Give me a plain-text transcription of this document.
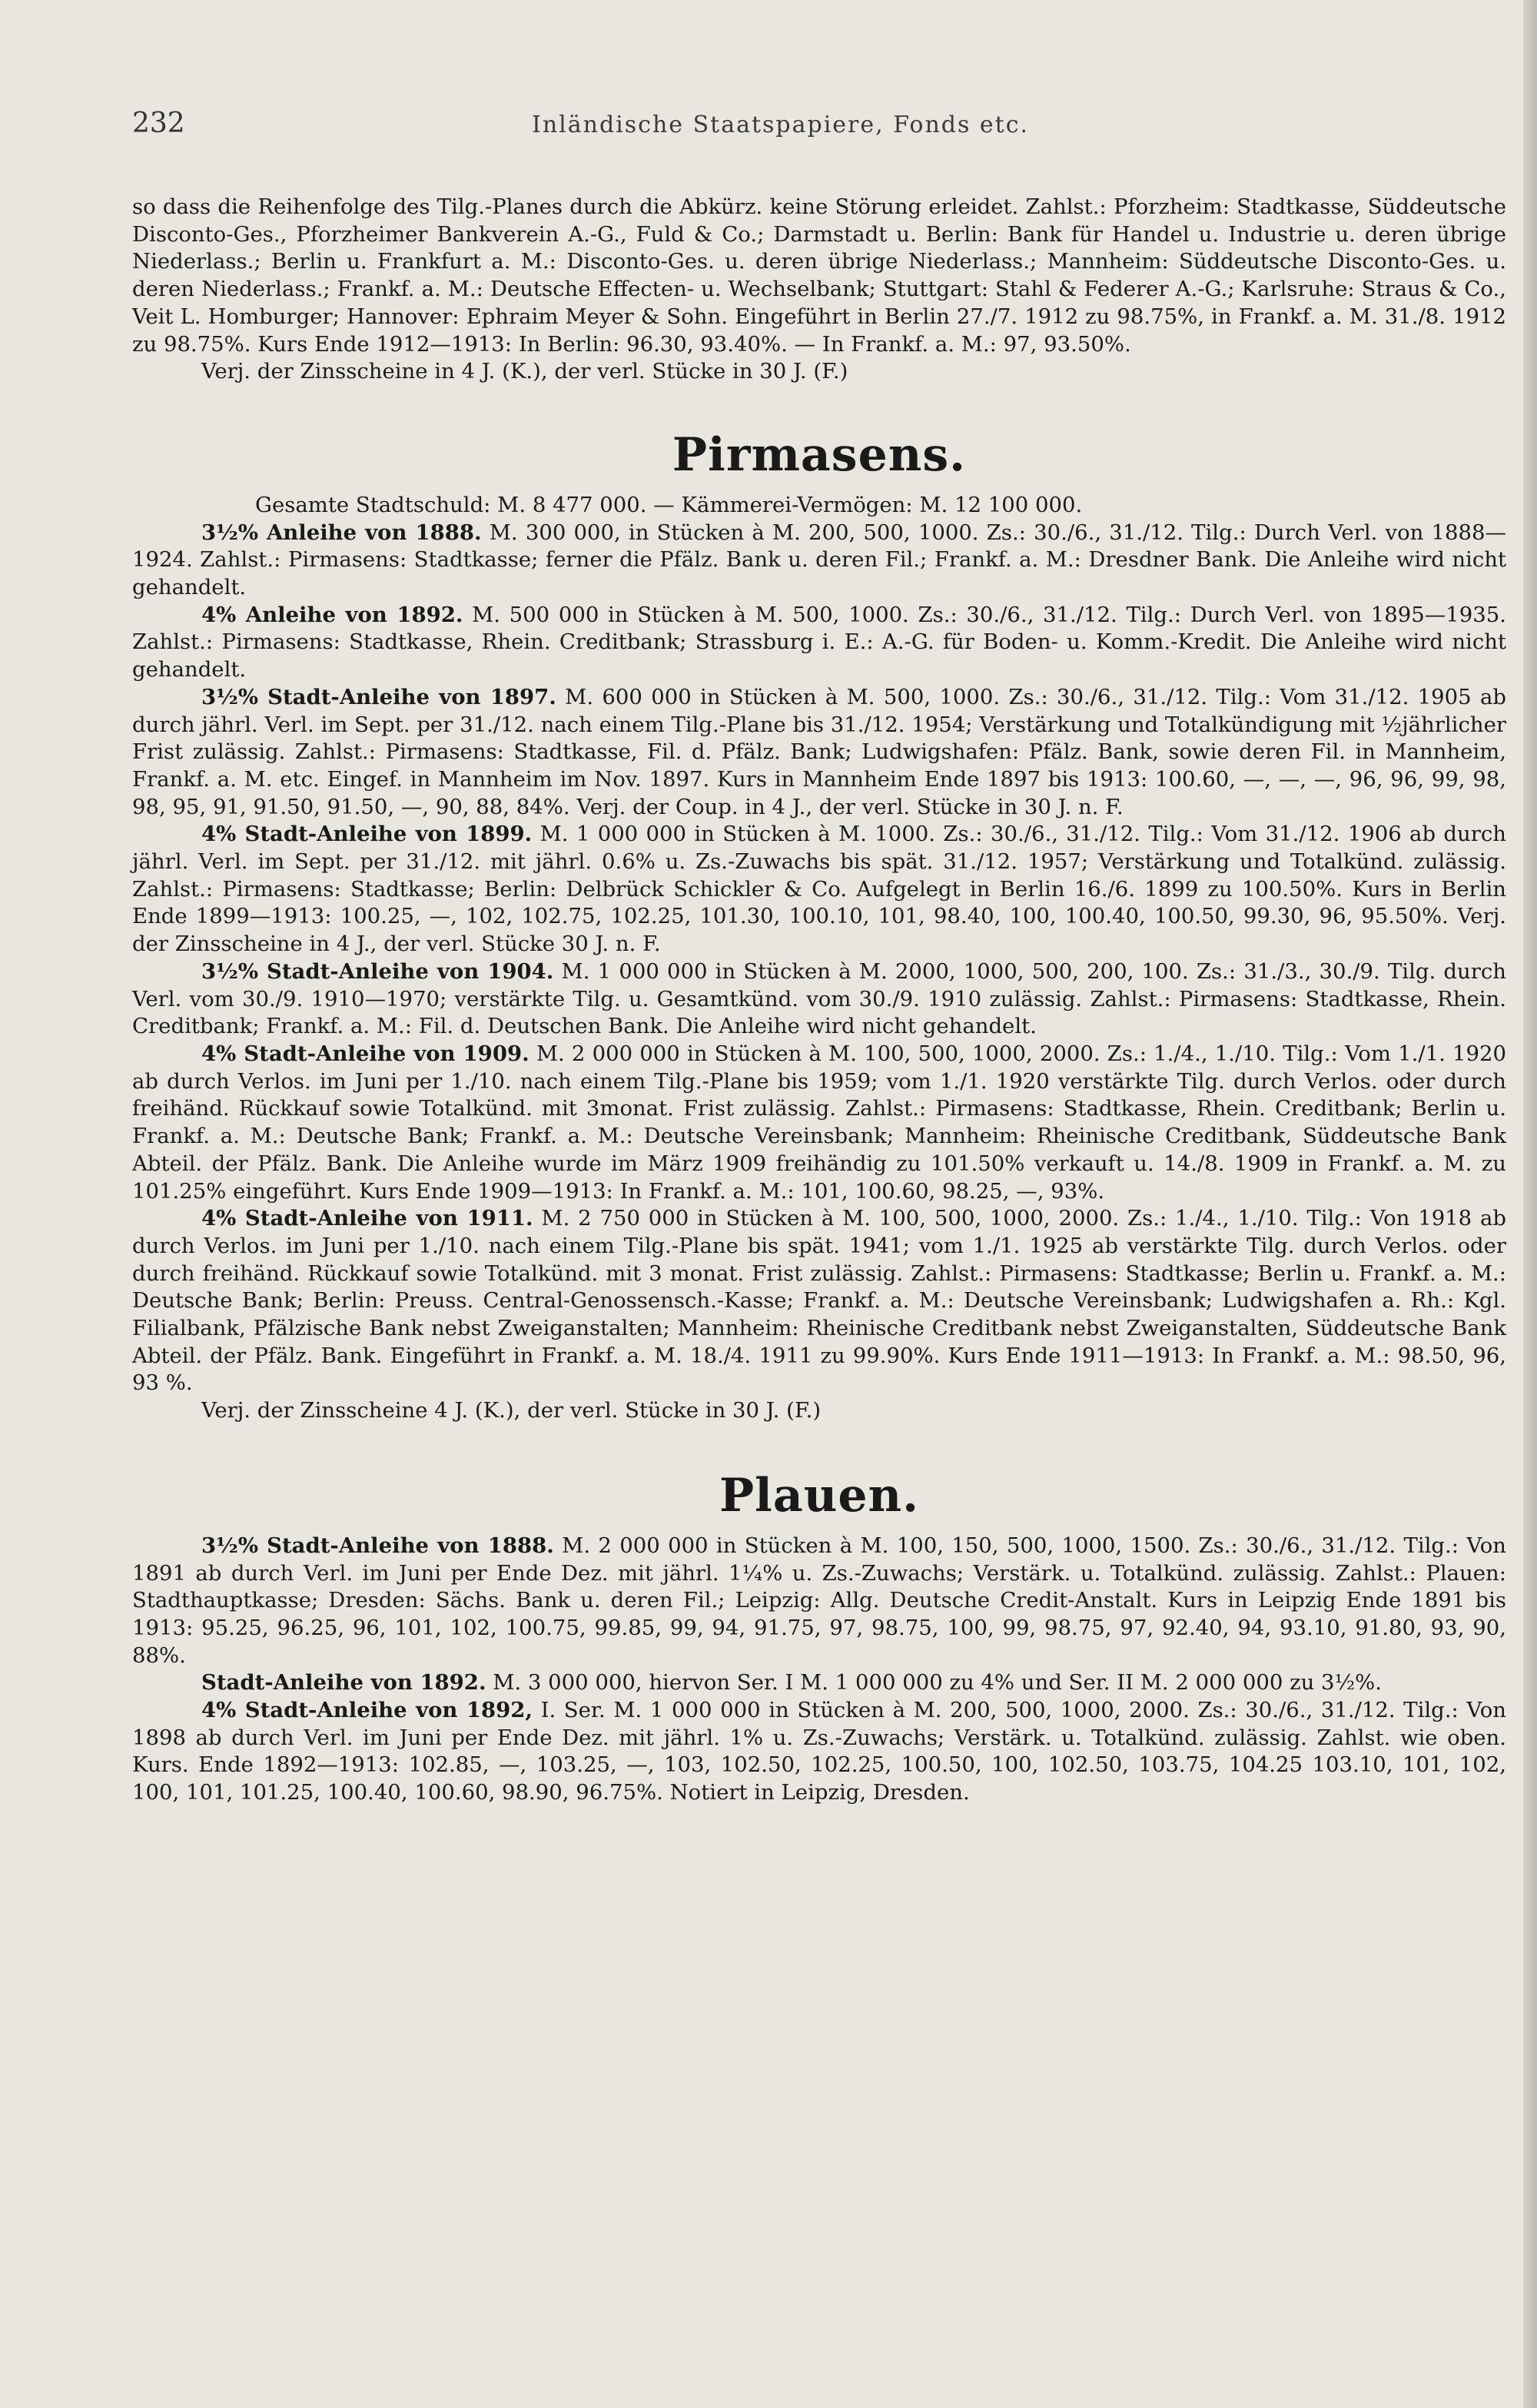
232	Inländische Staatspapiere, Fonds etc.

so dass die Reihenfolge des Tilg.-Planes durch die Abkürz. keine Störung erleidet. Zahlst.: Pforzheim: Stadtkasse, Süddeutsche Disconto-Ges., Pforzheimer Bankverein A.-G., Fuld & Co.; Darmstadt u. Berlin: Bank für Handel u. Industrie u. deren übrige Niederlass.; Berlin u. Frankfurt a. M.: Disconto-Ges. u. deren übrige Niederlass.; Mannheim: Süddeutsche Disconto-Ges. u. deren Niederlass.; Frankf. a. M.: Deutsche Effecten- u. Wechselbank; Stuttgart: Stahl & Federer A.-G.; Karlsruhe: Straus & Co., Veit L. Homburger; Hannover: Ephraim Meyer & Sohn. Eingeführt in Berlin 27./7. 1912 zu 98.75%, in Frankf. a. M. 31./8. 1912 zu 98.75%. Kurs Ende 1912—1913: In Berlin: 96.30, 93.40%. — In Frankf. a. M.: 97, 93.50%.

Verj. der Zinsscheine in 4 J. (K.), der verl. Stücke in 30 J. (F.)

Pirmasens.

Gesamte Stadtschuld: M. 8 477 000. — Kämmerei-Vermögen: M. 12 100 000.

3½% Anleihe von 1888. M. 300 000, in Stücken à M. 200, 500, 1000. Zs.: 30./6., 31./12. Tilg.: Durch Verl. von 1888—1924. Zahlst.: Pirmasens: Stadtkasse; ferner die Pfälz. Bank u. deren Fil.; Frankf. a. M.: Dresdner Bank. Die Anleihe wird nicht gehandelt.

4% Anleihe von 1892. M. 500 000 in Stücken à M. 500, 1000. Zs.: 30./6., 31./12. Tilg.: Durch Verl. von 1895—1935. Zahlst.: Pirmasens: Stadtkasse, Rhein. Creditbank; Strassburg i. E.: A.-G. für Boden- u. Komm.-Kredit. Die Anleihe wird nicht gehandelt.

3½% Stadt-Anleihe von 1897. M. 600 000 in Stücken à M. 500, 1000. Zs.: 30./6., 31./12. Tilg.: Vom 31./12. 1905 ab durch jährl. Verl. im Sept. per 31./12. nach einem Tilg.-Plane bis 31./12. 1954; Verstärkung und Totalkündigung mit ½jährlicher Frist zulässig. Zahlst.: Pirmasens: Stadtkasse, Fil. d. Pfälz. Bank; Ludwigshafen: Pfälz. Bank, sowie deren Fil. in Mannheim, Frankf. a. M. etc. Eingef. in Mannheim im Nov. 1897. Kurs in Mannheim Ende 1897 bis 1913: 100.60, —, —, —, 96, 96, 99, 98, 98, 95, 91, 91.50, 91.50, —, 90, 88, 84%. Verj. der Coup. in 4 J., der verl. Stücke in 30 J. n. F.

4% Stadt-Anleihe von 1899. M. 1 000 000 in Stücken à M. 1000. Zs.: 30./6., 31./12. Tilg.: Vom 31./12. 1906 ab durch jährl. Verl. im Sept. per 31./12. mit jährl. 0.6% u. Zs.-Zuwachs bis spät. 31./12. 1957; Verstärkung und Totalkünd. zulässig. Zahlst.: Pirmasens: Stadtkasse; Berlin: Delbrück Schickler & Co. Aufgelegt in Berlin 16./6. 1899 zu 100.50%. Kurs in Berlin Ende 1899—1913: 100.25, —, 102, 102.75, 102.25, 101.30, 100.10, 101, 98.40, 100, 100.40, 100.50, 99.30, 96, 95.50%. Verj. der Zinsscheine in 4 J., der verl. Stücke 30 J. n. F.

3½% Stadt-Anleihe von 1904. M. 1 000 000 in Stücken à M. 2000, 1000, 500, 200, 100. Zs.: 31./3., 30./9. Tilg. durch Verl. vom 30./9. 1910—1970; verstärkte Tilg. u. Gesamtkünd. vom 30./9. 1910 zulässig. Zahlst.: Pirmasens: Stadtkasse, Rhein. Creditbank; Frankf. a. M.: Fil. d. Deutschen Bank. Die Anleihe wird nicht gehandelt.

4% Stadt-Anleihe von 1909. M. 2 000 000 in Stücken à M. 100, 500, 1000, 2000. Zs.: 1./4., 1./10. Tilg.: Vom 1./1. 1920 ab durch Verlos. im Juni per 1./10. nach einem Tilg.-Plane bis 1959; vom 1./1. 1920 verstärkte Tilg. durch Verlos. oder durch freihänd. Rückkauf sowie Totalkünd. mit 3monat. Frist zulässig. Zahlst.: Pirmasens: Stadtkasse, Rhein. Creditbank; Berlin u. Frankf. a. M.: Deutsche Bank; Frankf. a. M.: Deutsche Vereinsbank; Mannheim: Rheinische Creditbank, Süddeutsche Bank Abteil. der Pfälz. Bank. Die Anleihe wurde im März 1909 freihändig zu 101.50% verkauft u. 14./8. 1909 in Frankf. a. M. zu 101.25% eingeführt. Kurs Ende 1909—1913: In Frankf. a. M.: 101, 100.60, 98.25, —, 93%.

4% Stadt-Anleihe von 1911. M. 2 750 000 in Stücken à M. 100, 500, 1000, 2000. Zs.: 1./4., 1./10. Tilg.: Von 1918 ab durch Verlos. im Juni per 1./10. nach einem Tilg.-Plane bis spät. 1941; vom 1./1. 1925 ab verstärkte Tilg. durch Verlos. oder durch freihänd. Rückkauf sowie Totalkünd. mit 3 monat. Frist zulässig. Zahlst.: Pirmasens: Stadtkasse; Berlin u. Frankf. a. M.: Deutsche Bank; Berlin: Preuss. Central-Genossensch.-Kasse; Frankf. a. M.: Deutsche Vereinsbank; Ludwigshafen a. Rh.: Kgl. Filialbank, Pfälzische Bank nebst Zweiganstalten; Mannheim: Rheinische Creditbank nebst Zweiganstalten, Süddeutsche Bank Abteil. der Pfälz. Bank. Eingeführt in Frankf. a. M. 18./4. 1911 zu 99.90%. Kurs Ende 1911—1913: In Frankf. a. M.: 98.50, 96, 93 %.

Verj. der Zinsscheine 4 J. (K.), der verl. Stücke in 30 J. (F.)

Plauen.

3½% Stadt-Anleihe von 1888. M. 2 000 000 in Stücken à M. 100, 150, 500, 1000, 1500. Zs.: 30./6., 31./12. Tilg.: Von 1891 ab durch Verl. im Juni per Ende Dez. mit jährl. 1¼% u. Zs.-Zuwachs; Verstärk. u. Totalkünd. zulässig. Zahlst.: Plauen: Stadthauptkasse; Dresden: Sächs. Bank u. deren Fil.; Leipzig: Allg. Deutsche Credit-Anstalt. Kurs in Leipzig Ende 1891 bis 1913: 95.25, 96.25, 96, 101, 102, 100.75, 99.85, 99, 94, 91.75, 97, 98.75, 100, 99, 98.75, 97, 92.40, 94, 93.10, 91.80, 93, 90, 88%.

Stadt-Anleihe von 1892. M. 3 000 000, hiervon Ser. I M. 1 000 000 zu 4% und Ser. II M. 2 000 000 zu 3½%.

4% Stadt-Anleihe von 1892, I. Ser. M. 1 000 000 in Stücken à M. 200, 500, 1000, 2000. Zs.: 30./6., 31./12. Tilg.: Von 1898 ab durch Verl. im Juni per Ende Dez. mit jährl. 1% u. Zs.-Zuwachs; Verstärk. u. Totalkünd. zulässig. Zahlst. wie oben. Kurs. Ende 1892—1913: 102.85, —, 103.25, —, 103, 102.50, 102.25, 100.50, 100, 102.50, 103.75, 104.25 103.10, 101, 102, 100, 101, 101.25, 100.40, 100.60, 98.90, 96.75%. Notiert in Leipzig, Dresden.
